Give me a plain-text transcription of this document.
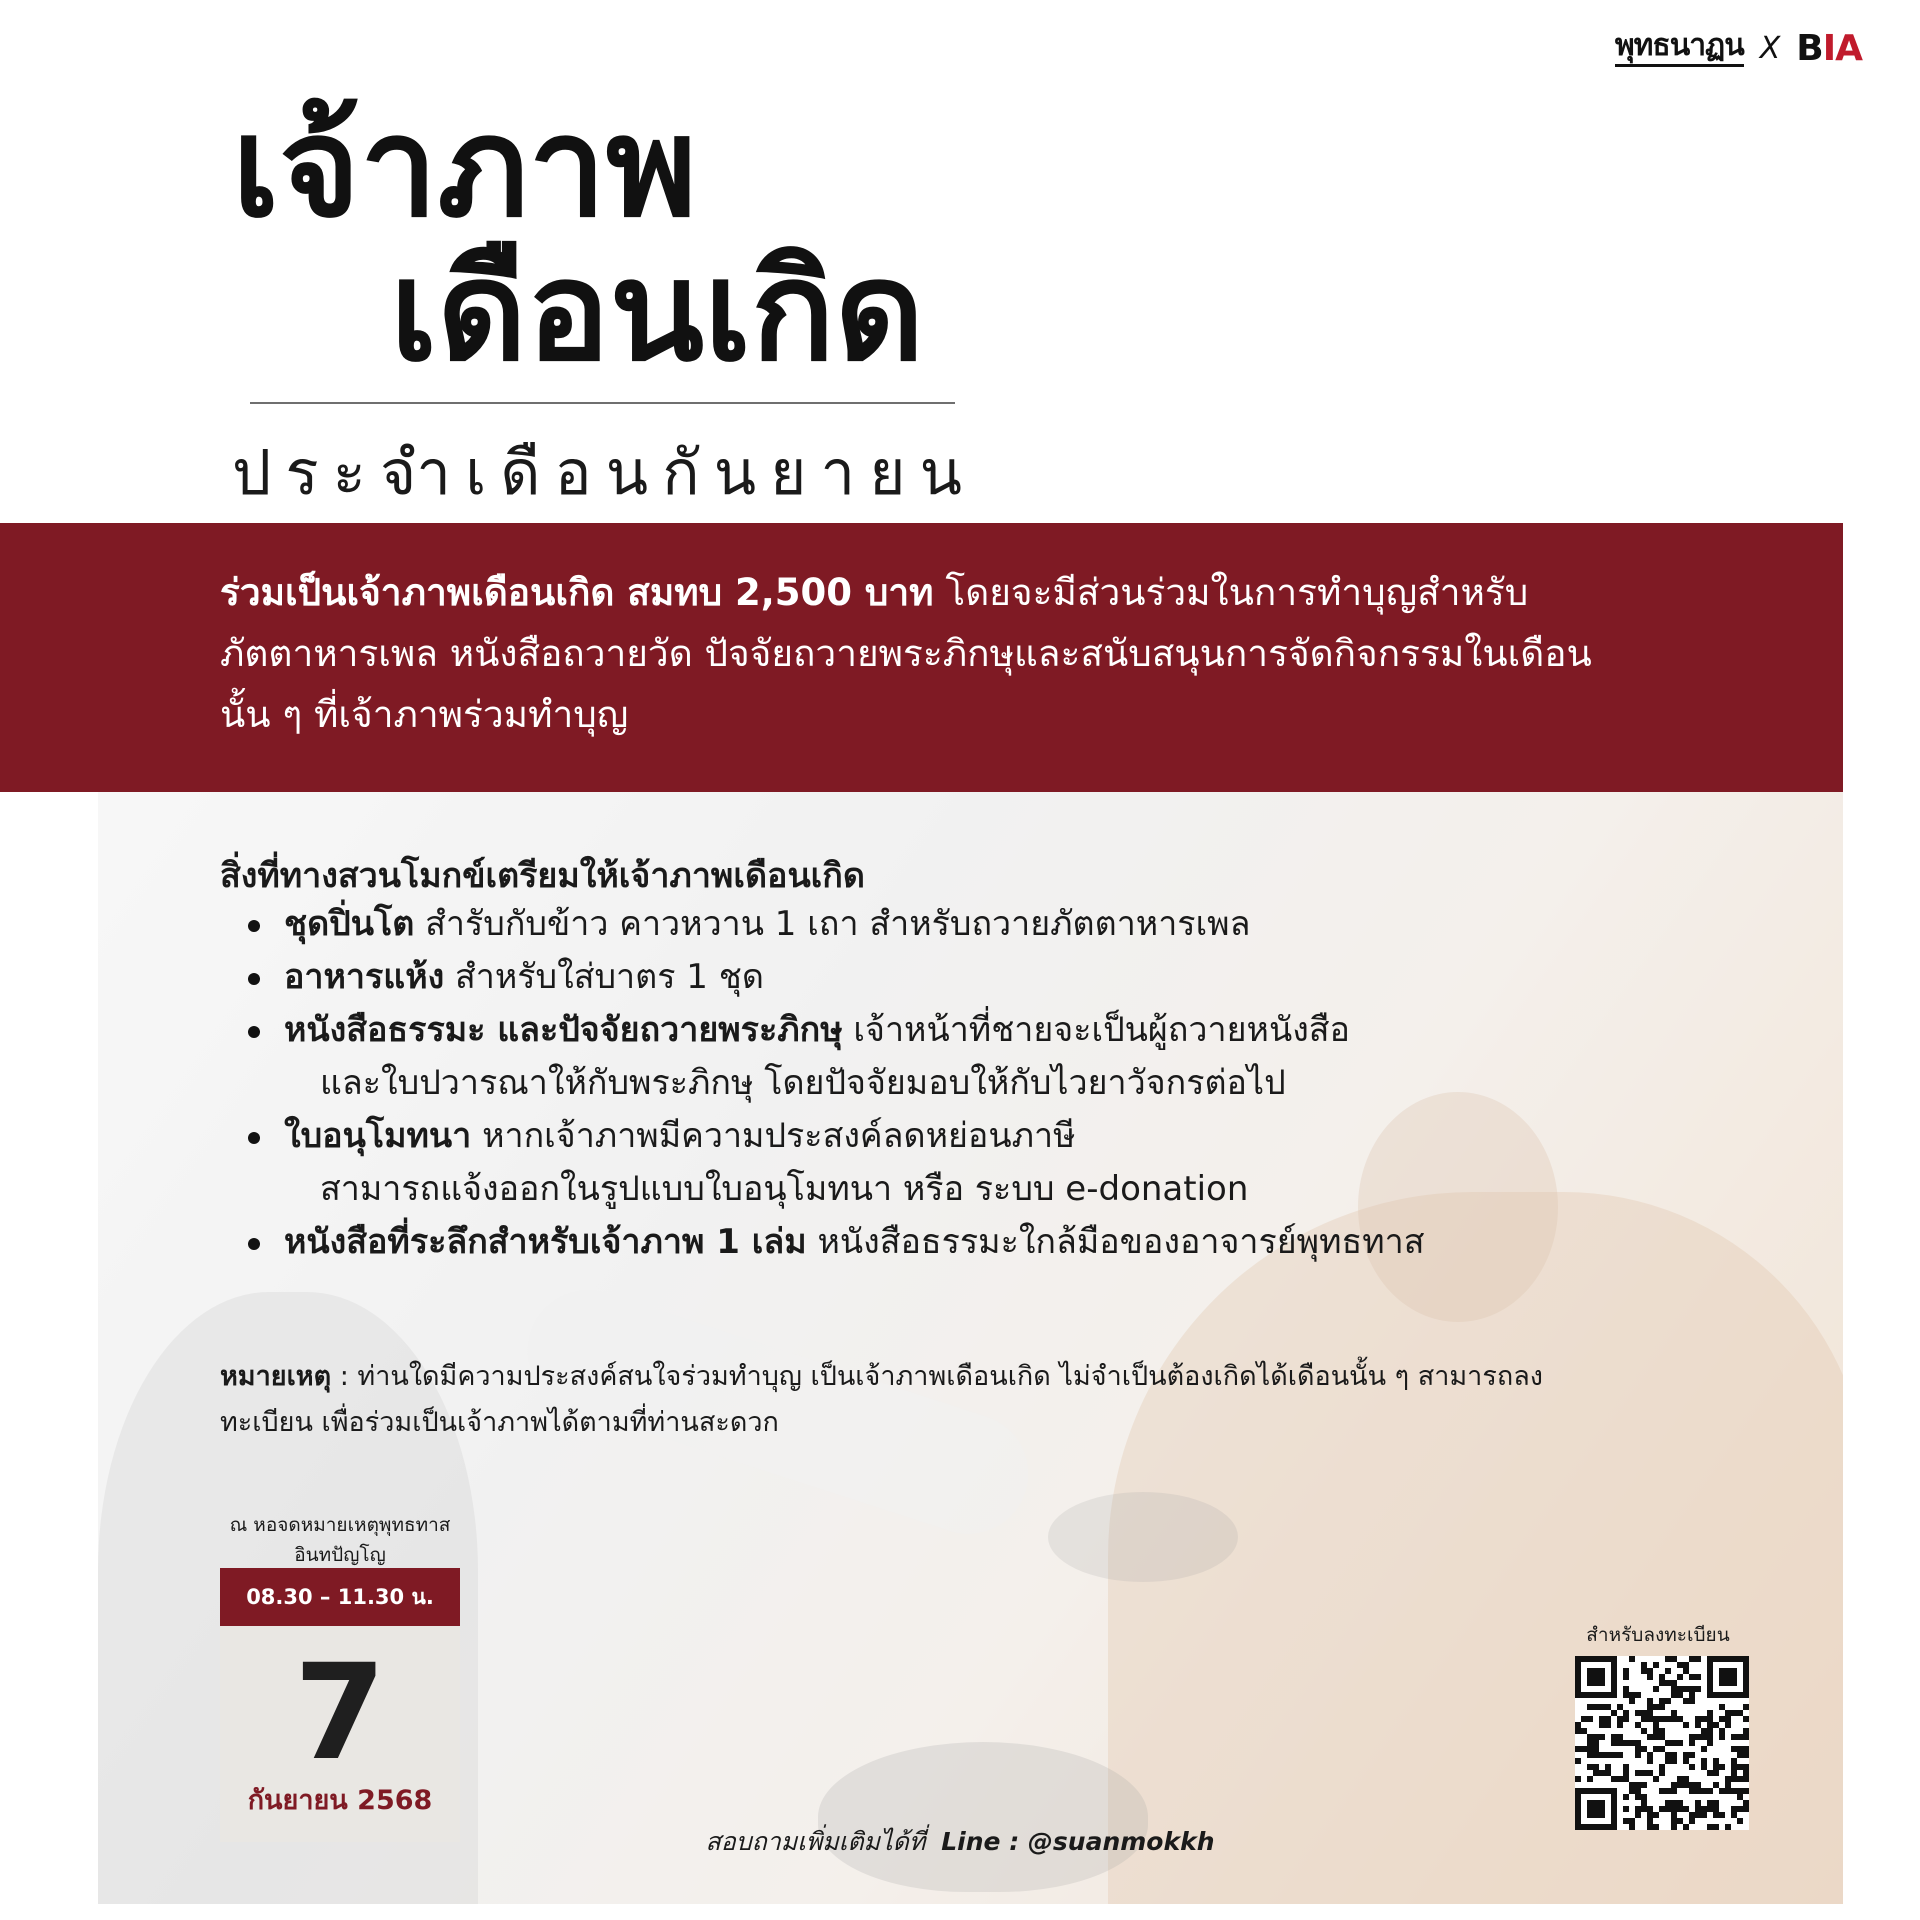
พุทธนาฏน X BIA
เจ้าภาพ
เดือนเกิด
ประจำเดือนกันยายน
ร่วมเป็นเจ้าภาพเดือนเกิด สมทบ 2,500 บาท โดยจะมีส่วนร่วมในการทำบุญสำหรับภัตตาหารเพล หนังสือถวายวัด ปัจจัยถวายพระภิกษุและสนับสนุนการจัดกิจกรรมในเดือนนั้น ๆ ที่เจ้าภาพร่วมทำบุญ
สิ่งที่ทางสวนโมกข์เตรียมให้เจ้าภาพเดือนเกิด
ชุดปิ่นโต สำรับกับข้าว คาวหวาน 1 เถา สำหรับถวายภัตตาหารเพล
อาหารแห้ง สำหรับใส่บาตร 1 ชุด
หนังสือธรรมะ และปัจจัยถวายพระภิกษุ เจ้าหน้าที่ชายจะเป็นผู้ถวายหนังสือ
และใบปวารณาให้กับพระภิกษุ โดยปัจจัยมอบให้กับไวยาวัจกรต่อไป
ใบอนุโมทนา หากเจ้าภาพมีความประสงค์ลดหย่อนภาษี
สามารถแจ้งออกในรูปแบบใบอนุโมทนา หรือ ระบบ e-donation
หนังสือที่ระลึกสำหรับเจ้าภาพ 1 เล่ม หนังสือธรรมะใกล้มือของอาจารย์พุทธทาส
หมายเหตุ : ท่านใดมีความประสงค์สนใจร่วมทำบุญ เป็นเจ้าภาพเดือนเกิด ไม่จำเป็นต้องเกิดได้เดือนนั้น ๆ สามารถลงทะเบียน เพื่อร่วมเป็นเจ้าภาพได้ตามที่ท่านสะดวก
ณ หอจดหมายเหตุพุทธทาส
อินทปัญโญ
08.30 – 11.30 น.
7
กันยายน 2568
สำหรับลงทะเบียน
สอบถามเพิ่มเติมได้ที่ Line : @suanmokkh
